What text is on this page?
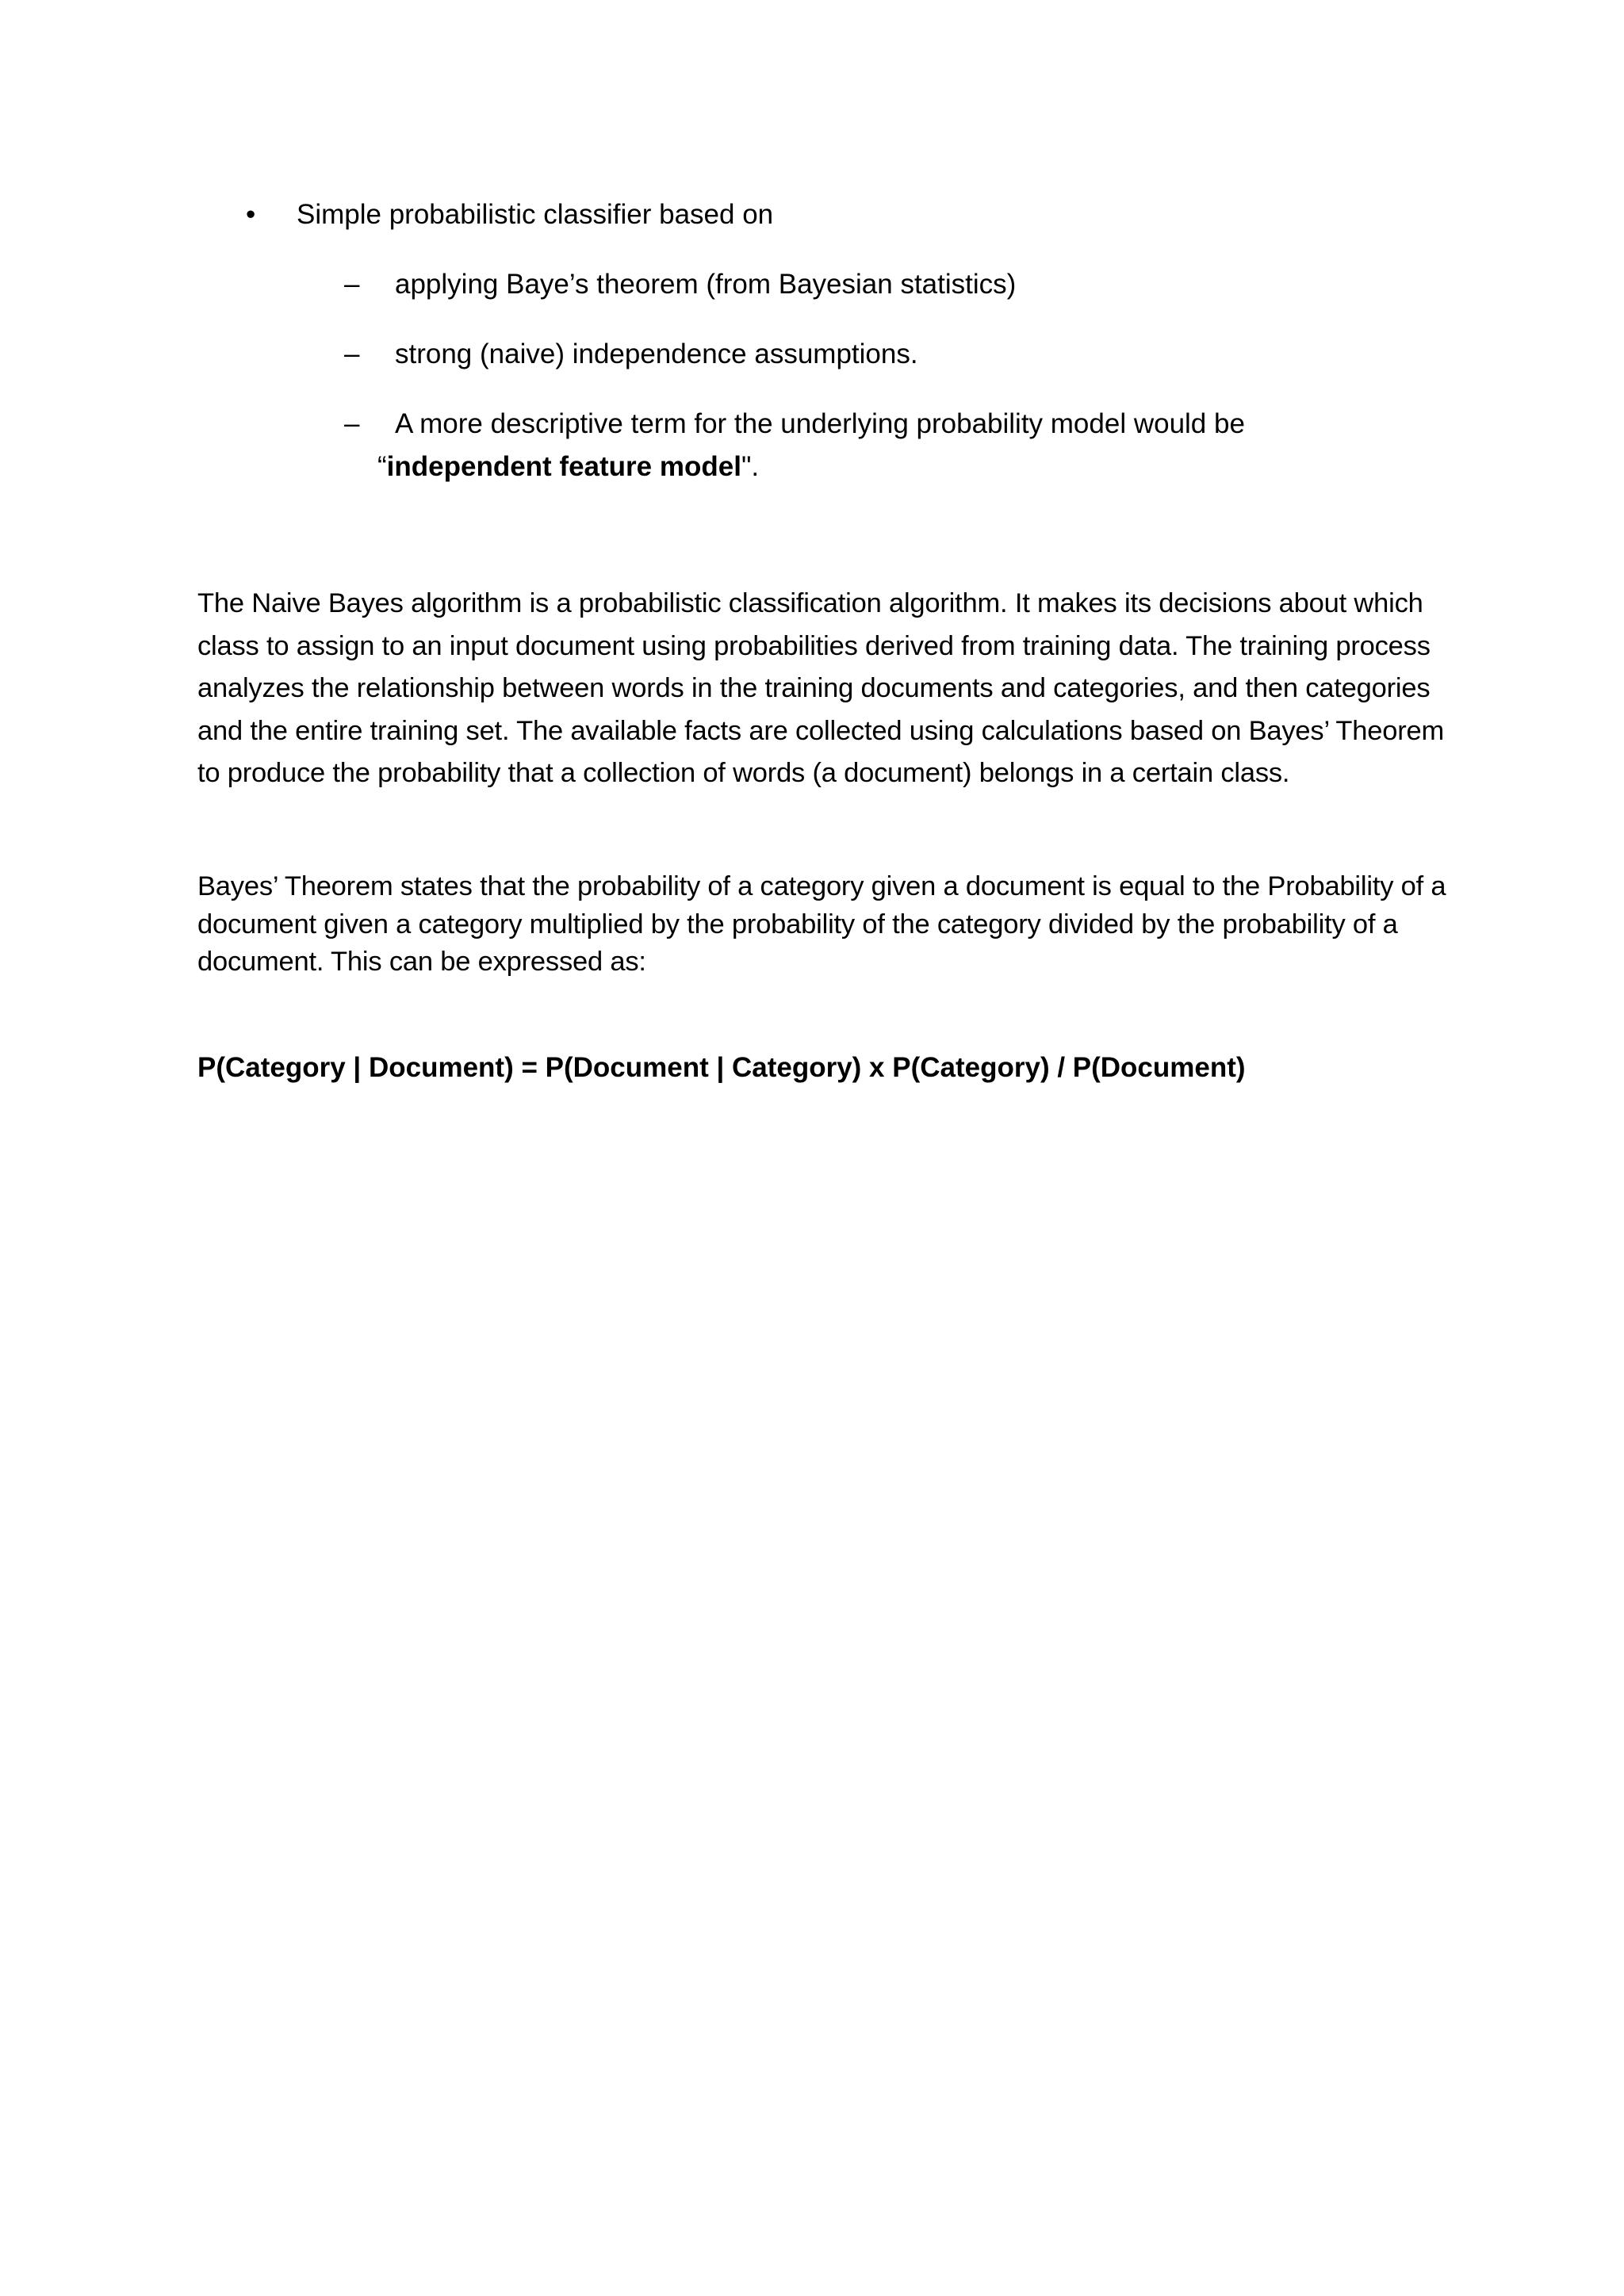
• Simple probabilistic classifier based on
– applying Baye’s theorem (from Bayesian statistics)
– strong (naive) independence assumptions.
– A more descriptive term for the underlying probability model would be
“independent feature model".

The Naive Bayes algorithm is a probabilistic classification algorithm. It makes its decisions about which class to assign to an input document using probabilities derived from training data. The training process analyzes the relationship between words in the training documents and categories, and then categories and the entire training set. The available facts are collected using calculations based on Bayes’ Theorem to produce the probability that a collection of words (a document) belongs in a certain class.

Bayes’ Theorem states that the probability of a category given a document is equal to the Probability of a document given a category multiplied by the probability of the category divided by the probability of a document. This can be expressed as:

P(Category | Document) = P(Document | Category) x P(Category) / P(Document)
